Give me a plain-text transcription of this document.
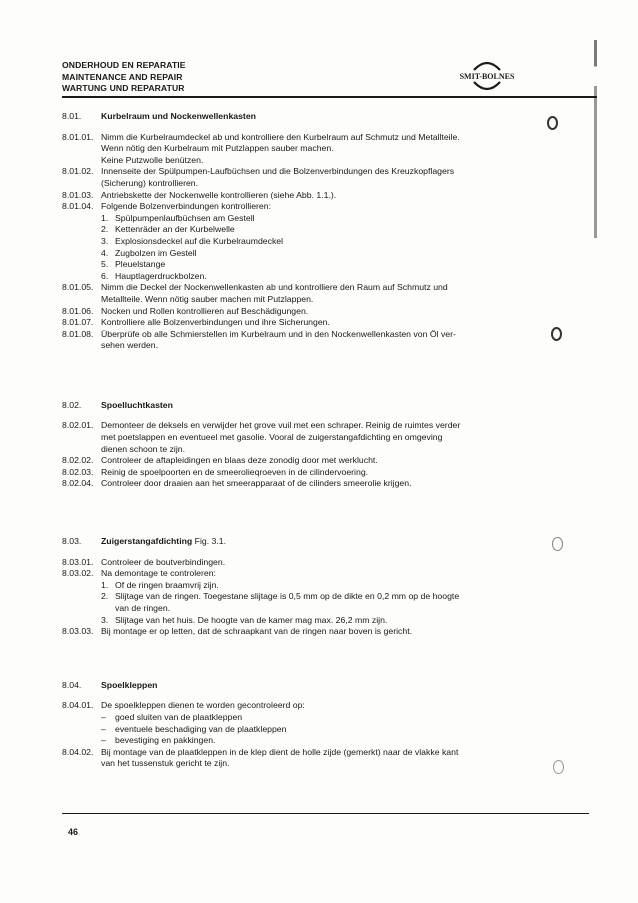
ONDERHOUD EN REPARATIE
MAINTENANCE AND REPAIR
WARTUNG UND REPARATUR
SMIT-BOLNES
8.01.	Kurbelraum und Nockenwellenkasten
8.01.01. Nimm die Kurbelraumdeckel ab und kontrolliere den Kurbelraum auf Schmutz und Metallteile.
Wenn nötig den Kurbelraum mit Putzlappen sauber machen.
Keine Putzwolle benützen.
8.01.02. Innenseite der Spülpumpen-Laufbüchsen und die Bolzenverbindungen des Kreuzkopflagers
(Sicherung) kontrollieren.
8.01.03. Antriebskette der Nockenwelle kontrollieren (siehe Abb. 1.1.).
8.01.04. Folgende Bolzenverbindungen kontrollieren:
1. Spülpumpenlaufbüchsen am Gestell
2. Kettenräder an der Kurbelwelle
3. Explosionsdeckel auf die Kurbelraumdeckel
4. Zugbolzen im Gestell
5. Pleuelstange
6. Hauptlagerdruckbolzen.
8.01.05. Nimm die Deckel der Nockenwellenkasten ab und kontrolliere den Raum auf Schmutz und
Metallteile. Wenn nötig sauber machen mit Putzlappen.
8.01.06. Nocken und Rollen kontrollieren auf Beschädigungen.
8.01.07. Kontrolliere alle Bolzenverbindungen und ihre Sicherungen.
8.01.08. Überprüfe ob alle Schmierstellen im Kurbelraum und in den Nockenwellenkasten von Öl ver-
sehen werden.
8.02.	Spoelluchtkasten
8.02.01. Demonteer de deksels en verwijder het grove vuil met een schraper. Reinig de ruimtes verder
met poetslappen en eventueel met gasolie. Vooral de zuigerstangafdichting en omgeving
dienen schoon te zijn.
8.02.02. Controleer de aftapleidingen en blaas deze zonodig door met werklucht.
8.02.03. Reinig de spoelpoorten en de smeerolieqroeven in de cilindervoering.
8.02.04. Controleer door draaien aan het smeerapparaat of de cilinders smeerolie krijgen.
8.03.	Zuigerstangafdichting Fig. 3.1.
8.03.01. Controleer de boutverbindingen.
8.03.02. Na demontage te controleren:
1. Of de ringen braamvrij zijn.
2. Slijtage van de ringen. Toegestane slijtage is 0,5 mm op de dikte en 0,2 mm op de hoogte
van de ringen.
3. Slijtage van het huis. De hoogte van de kamer mag max. 26,2 mm zijn.
8.03.03. Bij montage er op letten, dat de schraapkant van de ringen naar boven is gericht.
8.04.	Spoelkleppen
8.04.01. De spoelkleppen dienen te worden gecontroleerd op:
–	goed sluiten van de plaatkleppen
–	eventuele beschadiging van de plaatkleppen
–	bevestiging en pakkingen.
8.04.02. Bij montage van de plaatkleppen in de klep dient de holle zijde (gemerkt) naar de vlakke kant
van het tussenstuk gericht te zijn.
46
